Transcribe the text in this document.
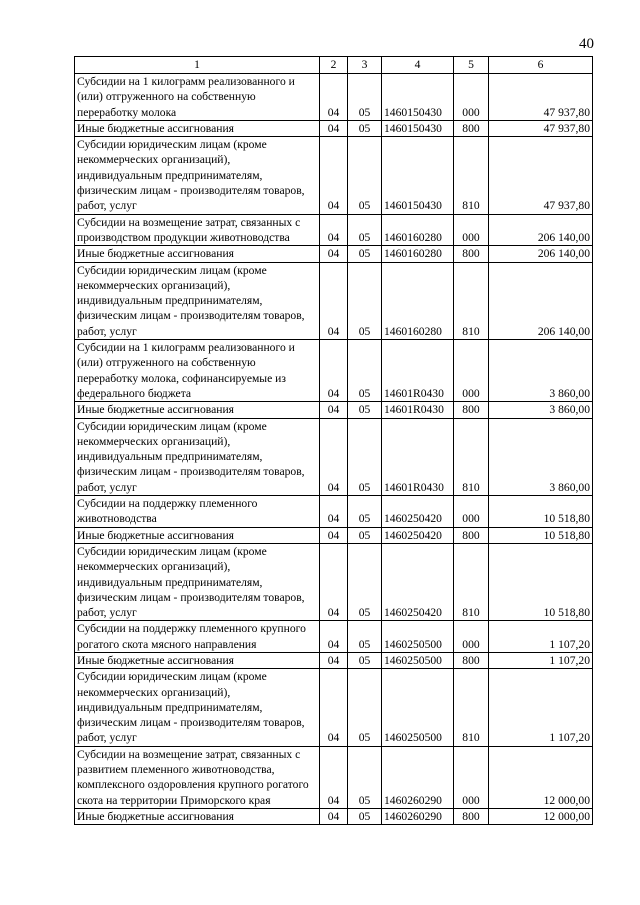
40
1	2	3	4	5	6
Субсидии на 1 килограмм реализованного и (или) отгруженного на собственную переработку молока	04	05	1460150430	000	47 937,80
Иные бюджетные ассигнования	04	05	1460150430	800	47 937,80
Субсидии юридическим лицам (кроме некоммерческих организаций), индивидуальным предпринимателям, физическим лицам - производителям товаров, работ, услуг	04	05	1460150430	810	47 937,80
Субсидии на возмещение затрат, связанных с производством продукции животноводства	04	05	1460160280	000	206 140,00
Иные бюджетные ассигнования	04	05	1460160280	800	206 140,00
Субсидии юридическим лицам (кроме некоммерческих организаций), индивидуальным предпринимателям, физическим лицам - производителям товаров, работ, услуг	04	05	1460160280	810	206 140,00
Субсидии на 1 килограмм реализованного и (или) отгруженного на собственную переработку молока, софинансируемые из федерального бюджета	04	05	14601R0430	000	3 860,00
Иные бюджетные ассигнования	04	05	14601R0430	800	3 860,00
Субсидии юридическим лицам (кроме некоммерческих организаций), индивидуальным предпринимателям, физическим лицам - производителям товаров, работ, услуг	04	05	14601R0430	810	3 860,00
Субсидии на поддержку племенного животноводства	04	05	1460250420	000	10 518,80
Иные бюджетные ассигнования	04	05	1460250420	800	10 518,80
Субсидии юридическим лицам (кроме некоммерческих организаций), индивидуальным предпринимателям, физическим лицам - производителям товаров, работ, услуг	04	05	1460250420	810	10 518,80
Субсидии на поддержку племенного крупного рогатого скота мясного направления	04	05	1460250500	000	1 107,20
Иные бюджетные ассигнования	04	05	1460250500	800	1 107,20
Субсидии юридическим лицам (кроме некоммерческих организаций), индивидуальным предпринимателям, физическим лицам - производителям товаров, работ, услуг	04	05	1460250500	810	1 107,20
Субсидии на возмещение затрат, связанных с развитием племенного животноводства, комплексного оздоровления крупного рогатого скота на территории Приморского края	04	05	1460260290	000	12 000,00
Иные бюджетные ассигнования	04	05	1460260290	800	12 000,00
